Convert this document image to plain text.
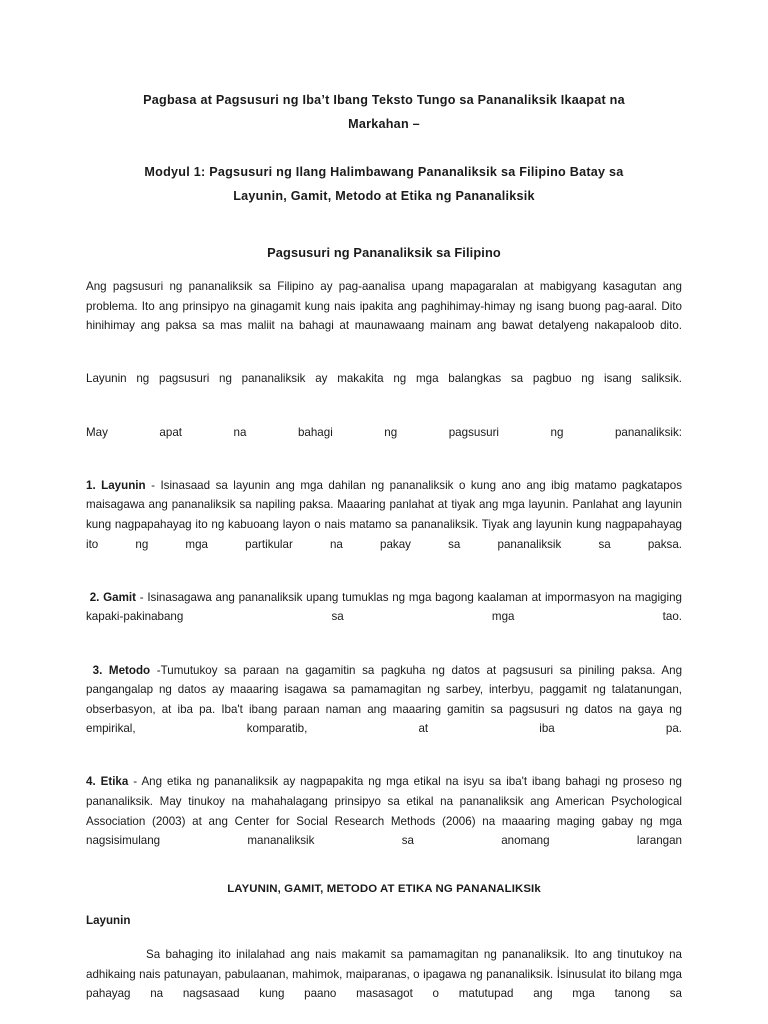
Pagbasa at Pagsusuri ng Iba’t Ibang Teksto Tungo sa Pananaliksik Ikaapat na

Markahan –

Modyul 1: Pagsusuri ng Ilang Halimbawang Pananaliksik sa Filipino Batay sa

Layunin, Gamit, Metodo at Etika ng Pananaliksik

Pagsusuri ng Pananaliksik sa Filipino

Ang pagsusuri ng pananaliksik sa Filipino ay pag-aanalisa upang mapagaralan at mabigyang kasagutan ang problema. Ito ang prinsipyo na ginagamit kung nais ipakita ang paghihimay-himay ng isang buong pag-aaral. Dito hinihimay ang paksa sa mas maliit na bahagi at maunawaang mainam ang bawat detalyeng nakapaloob dito.

Layunin ng pagsusuri ng pananaliksik ay makakita ng mga balangkas sa pagbuo ng isang saliksik.

May apat na bahagi ng pagsusuri ng pananaliksik:

1. Layunin - Isinasaad sa layunin ang mga dahilan ng pananaliksik o kung ano ang ibig matamo pagkatapos maisagawa ang pananaliksik sa napiling paksa. Maaaring panlahat at tiyak ang mga layunin. Panlahat ang layunin kung nagpapahayag ito ng kabuoang layon o nais matamo sa pananaliksik. Tiyak ang layunin kung nagpapahayag ito ng mga partikular na pakay sa pananaliksik sa paksa.

2. Gamit - Isinasagawa ang pananaliksik upang tumuklas ng mga bagong kaalaman at impormasyon na magiging kapaki-pakinabang sa mga tao.

3. Metodo -Tumutukoy sa paraan na gagamitin sa pagkuha ng datos at pagsusuri sa piniling paksa. Ang pangangalap ng datos ay maaaring isagawa sa pamamagitan ng sarbey, interbyu, paggamit ng talatanungan, obserbasyon, at iba pa. Iba't ibang paraan naman ang maaaring gamitin sa pagsusuri ng datos na gaya ng empirikal, komparatib, at iba pa.

4. Etika - Ang etika ng pananaliksik ay nagpapakita ng mga etikal na isyu sa iba't ibang bahagi ng proseso ng pananaliksik. May tinukoy na mahahalagang prinsipyo sa etikal na pananaliksik ang American Psychological Association (2003) at ang Center for Social Research Methods (2006) na maaaring maging gabay ng mga nagsisimulang mananaliksik sa anomang larangan

LAYUNIN, GAMIT, METODO AT ETIKA NG PANANALIKSIk

Layunin

Sa bahaging ito inilalahad ang nais makamit sa pamamagitan ng pananaliksik. Ito ang tinutukoy na adhikaing nais patunayan, pabulaanan, mahimok, maiparanas, o ipagawa ng pananaliksik. İsinusulat ito bilang mga pahayag na nagsasaad kung paano masasagot o matutupad ang mga tanong sa
